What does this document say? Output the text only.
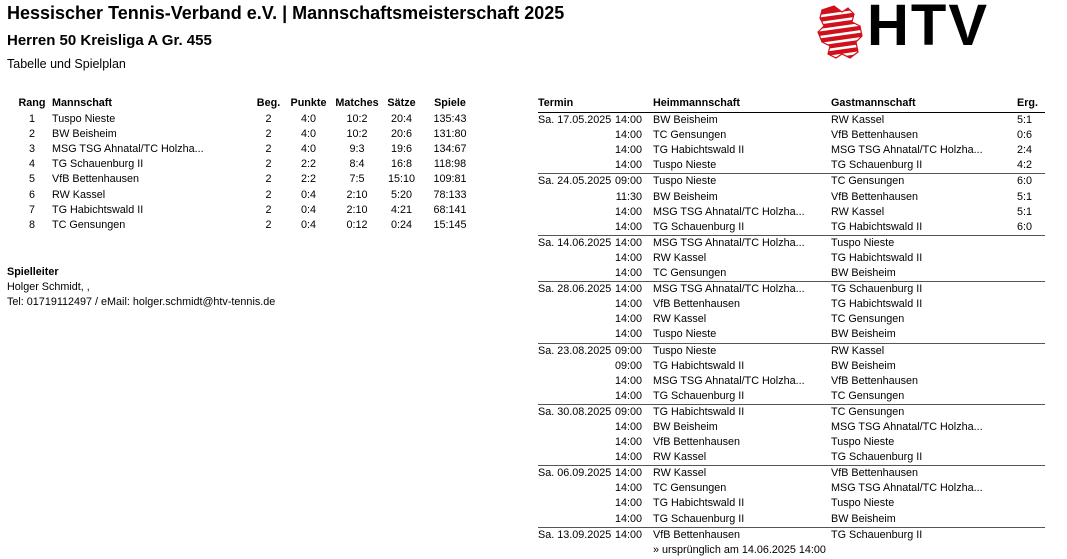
Hessischer Tennis-Verband e.V. | Mannschaftsmeisterschaft 2025
Herren 50 Kreisliga A Gr. 455
Tabelle und Spielplan
HTV
Rang	Mannschaft	Beg.	Punkte	Matches	Sätze	Spiele
1	Tuspo Nieste	2	4:0	10:2	20:4	135:43
2	BW Beisheim	2	4:0	10:2	20:6	131:80
3	MSG TSG Ahnatal/TC Holzha...	2	4:0	9:3	19:6	134:67
4	TG Schauenburg II	2	2:2	8:4	16:8	118:98
5	VfB Bettenhausen	2	2:2	7:5	15:10	109:81
6	RW Kassel	2	0:4	2:10	5:20	78:133
7	TG Habichtswald II	2	0:4	2:10	4:21	68:141
8	TC Gensungen	2	0:4	0:12	0:24	15:145
Spielleiter
Holger Schmidt, ,
Tel: 01719112497 / eMail: holger.schmidt@htv-tennis.de
Termin		Heimmannschaft	Gastmannschaft	Erg.
Sa. 17.05.2025	14:00	BW Beisheim	RW Kassel	5:1
	14:00	TC Gensungen	VfB Bettenhausen	0:6
	14:00	TG Habichtswald II	MSG TSG Ahnatal/TC Holzha...	2:4
	14:00	Tuspo Nieste	TG Schauenburg II	4:2
Sa. 24.05.2025	09:00	Tuspo Nieste	TC Gensungen	6:0
	11:30	BW Beisheim	VfB Bettenhausen	5:1
	14:00	MSG TSG Ahnatal/TC Holzha...	RW Kassel	5:1
	14:00	TG Schauenburg II	TG Habichtswald II	6:0
Sa. 14.06.2025	14:00	MSG TSG Ahnatal/TC Holzha...	Tuspo Nieste	
	14:00	RW Kassel	TG Habichtswald II	
	14:00	TC Gensungen	BW Beisheim	
Sa. 28.06.2025	14:00	MSG TSG Ahnatal/TC Holzha...	TG Schauenburg II	
	14:00	VfB Bettenhausen	TG Habichtswald II	
	14:00	RW Kassel	TC Gensungen	
	14:00	Tuspo Nieste	BW Beisheim	
Sa. 23.08.2025	09:00	Tuspo Nieste	RW Kassel	
	09:00	TG Habichtswald II	BW Beisheim	
	14:00	MSG TSG Ahnatal/TC Holzha...	VfB Bettenhausen	
	14:00	TG Schauenburg II	TC Gensungen	
Sa. 30.08.2025	09:00	TG Habichtswald II	TC Gensungen	
	14:00	BW Beisheim	MSG TSG Ahnatal/TC Holzha...	
	14:00	VfB Bettenhausen	Tuspo Nieste	
	14:00	RW Kassel	TG Schauenburg II	
Sa. 06.09.2025	14:00	RW Kassel	VfB Bettenhausen	
	14:00	TC Gensungen	MSG TSG Ahnatal/TC Holzha...	
	14:00	TG Habichtswald II	Tuspo Nieste	
	14:00	TG Schauenburg II	BW Beisheim	
Sa. 13.09.2025	14:00	VfB Bettenhausen	TG Schauenburg II	
		» ursprünglich am 14.06.2025 14:00		
